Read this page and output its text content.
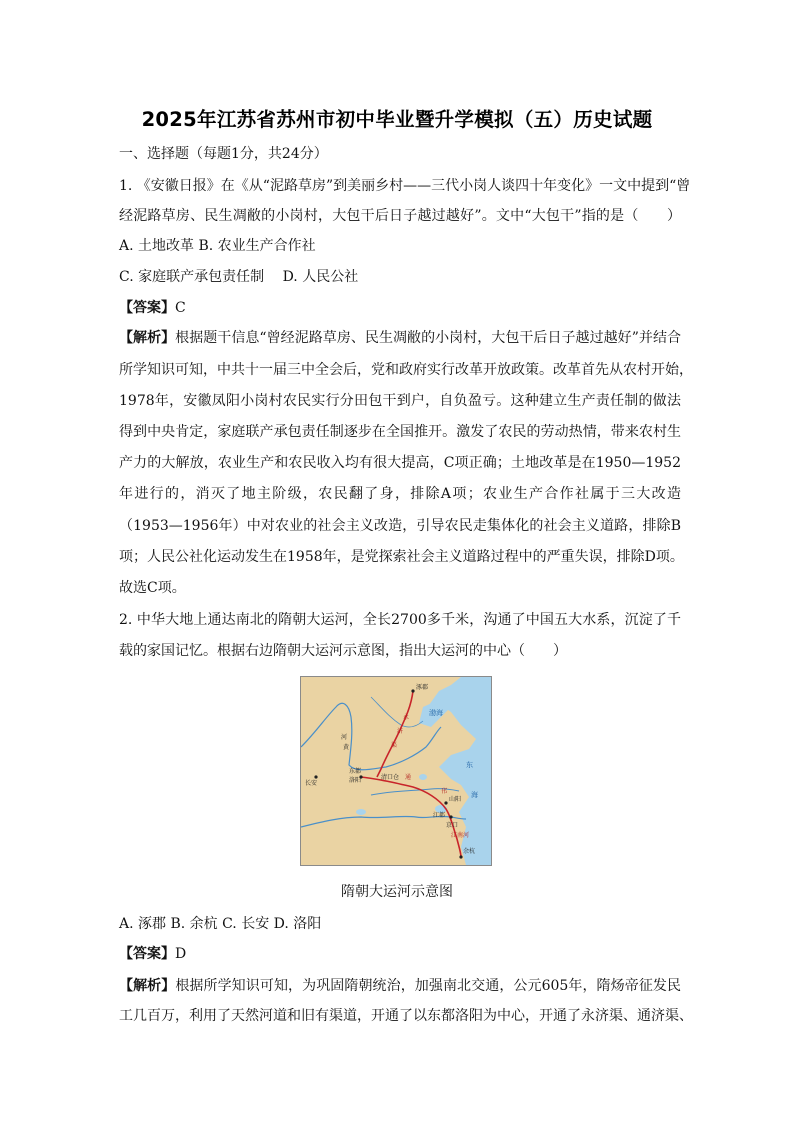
2025年江苏省苏州市初中毕业暨升学模拟（五）历史试题
一、选择题（每题1分，共24分）
1. 《安徽日报》在《从“泥路草房”到美丽乡村——三代小岗人谈四十年变化》一文中提到“曾
经泥路草房、民生凋敝的小岗村，大包干后日子越过越好”。文中“大包干”指的是（　　）
A. 土地改革 B. 农业生产合作社
C. 家庭联产承包责任制　 D. 人民公社
【答案】C
【解析】根据题干信息“曾经泥路草房、民生凋敝的小岗村，大包干后日子越过越好”并结合
所学知识可知，中共十一届三中全会后，党和政府实行改革开放政策。改革首先从农村开始，
1978年，安徽凤阳小岗村农民实行分田包干到户，自负盈亏。这种建立生产责任制的做法
得到中央肯定，家庭联产承包责任制逐步在全国推开。激发了农民的劳动热情，带来农村生
产力的大解放，农业生产和农民收入均有很大提高，C项正确；土地改革是在1950—1952
年进行的，消灭了地主阶级，农民翻了身，排除A项；农业生产合作社属于三大改造
（1953—1956年）中对农业的社会主义改造，引导农民走集体化的社会主义道路，排除B
项；人民公社化运动发生在1958年，是党探索社会主义道路过程中的严重失误，排除D项。
故选C项。
2. 中华大地上通达南北的隋朝大运河，全长2700多千米，沟通了中国五大水系，沉淀了千
载的家国记忆。根据右边隋朝大运河示意图，指出大运河的中心（　　）
涿郡
长安
东都
洛阳	清口仓
山阳
江都
京口
余杭
河
黄
渤海
东
海
永
济
渠
通
邗
江南河
隋朝大运河示意图
A. 涿郡 B. 余杭 C. 长安 D. 洛阳
【答案】D
【解析】根据所学知识可知，为巩固隋朝统治，加强南北交通，公元605年，隋炀帝征发民
工几百万，利用了天然河道和旧有渠道，开通了以东都洛阳为中心，开通了永济渠、通济渠、
